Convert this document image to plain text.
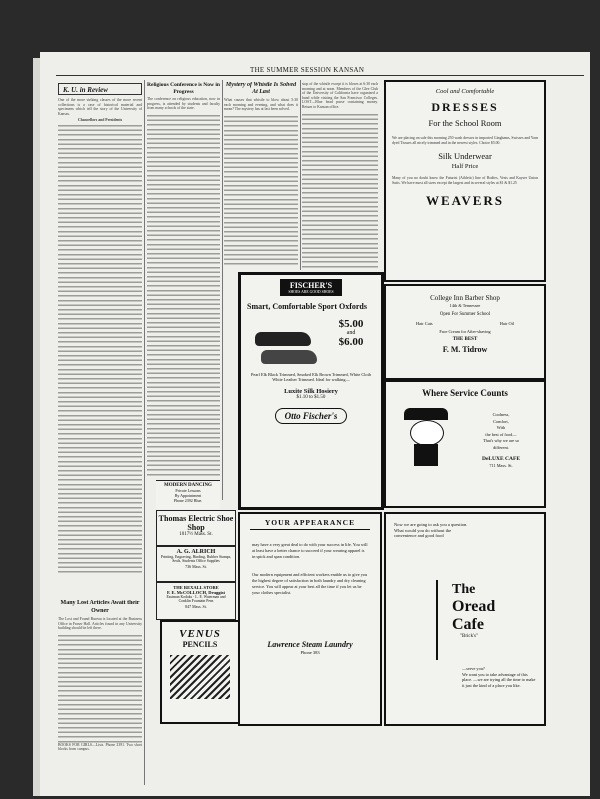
THE SUMMER SESSION KANSAN
K. U. in Review

One of the more striking classes of the more recent collections is a case of historical material and specimens which tell the story of the University of Kansas.

Chancellors and Presidents
Many Lost Articles Await their Owner

The Lost and Found Bureau is located at the Business Office in Fraser Hall. Articles found in any University building should be left there.

BOOKS FOR GIRLS—Lists. Phone 2391. Two short blocks from campus.

Religious Conference is Now in Progress

The conference on religious education, now in progress, is attended by students and faculty from many schools of the state.

MODERN DANCING
Private Lessons
By Appointment
Phone 2392 Blue.
Thomas Electric Shoe Shop
1017½ Mass. St.
A. G. ALRICH
Printing, Engraving, Binding, Rubber Stamps, Seals, Students Office Supplies
736 Mass. St.
THE REXALL STORE
F. E. McCOLLOCH, Druggist
Eastman Kodaks · L. E. Waterman and Conklin Fountain Pens
847 Mass. St.
VENUS
PENCILS
Mystery of Whistle Is Solved At Last

What causes that whistle to blow about 5:30 each morning and evening, and what does it mean? The mystery has at last been solved.

stop of the whistle except it is blown at 6:30 each morning and at noon. Members of the Glee Club of the University of California have organized a band while visiting the San Francisco Colleges. LOST—Blue bead purse containing money. Return to Kansan office.

FISCHER'S
SHOES ARE GOOD SHOES
Smart, Comfortable Sport Oxfords
$5.00
and
$6.00
Pearl Elk Black Trimmed, Smoked Elk Brown Trimmed, White Cloth White Leather Trimmed. Ideal for walking—
Luxite Silk Hosiery
$1.10 to $1.50
Otto Fischer's
YOUR APPEARANCE
may have a very great deal to do with your success in life. You will at least have a better chance to succeed if your wearing apparel is in spick and span condition.
Our modern equipment and efficient workers enable us to give you the highest degree of satisfaction in both laundry and dry cleaning service. You will appear at your best all the time if you let us be your clothes specialist.
Lawrence Steam Laundry
Phone 383
Cool and Comfortable
DRESSES
For the School Room
We are placing on sale this morning 250 wash dresses in imported Ginghams, Swisses and Yarn dyed Tissues all nicely trimmed and in the newest styles. Choice $5.00.
Silk Underwear
Half Price
Many of you no doubt know the Futurist (Athletic) line of Bodies, Vests and Kayser Union Suits. We have most all sizes except the largest and in several styles at $1 & $1.25
WEAVERS
College Inn Barber Shop
14th & Tennessee
Open For Summer School
Hair Cuts	Hair Oil
Face Cream for After-shaving
THE BEST
F. M. Tidrow
Where Service Counts
Coolness,
Comfort,
With
the best of food—
That's why we are so
different.
DeLUXE CAFE
711 Mass. St.
Now we are going to ask you a question. What would you do without the convenience and good food
The
Oread
Cafe
"Brick's"
—serve you?
We want you to take advantage of this place. —we are trying all the time to make it just the kind of a place you like.
